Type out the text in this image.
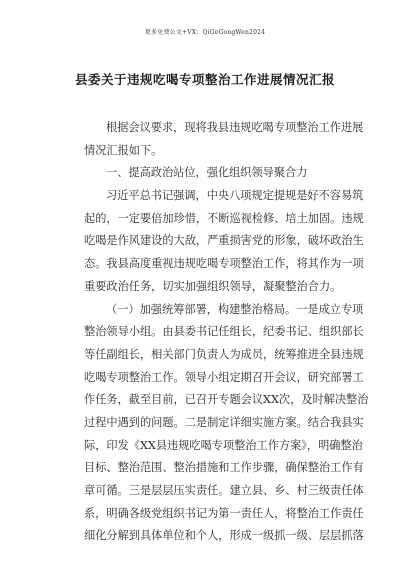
更多免费公文+VX：QiGeGongWen2024
县委关于违规吃喝专项整治工作进展情况汇报
根据会议要求，现将我县违规吃喝专项整治工作进展
情况汇报如下。
一、提高政治站位，强化组织领导聚合力
习近平总书记强调，中央八项规定提规是好不容易筑
起的，一定要倍加珍惜，不断巡视检修、培土加固。违规
吃喝是作风建设的大敌，严重损害党的形象，破坏政治生
态。我县高度重视违规吃喝专项整治工作，将其作为一项
重要政治任务，切实加强组织领导，凝聚整治合力。
（一）加强统筹部署，构建整治格局。一是成立专项
整治领导小组。由县委书记任组长，纪委书记、组织部长
等任副组长，相关部门负责人为成员，统筹推进全县违规
吃喝专项整治工作。领导小组定期召开会议，研究部署工
作任务，截至目前，已召开专题会议XX次，及时解决整治
过程中遇到的问题。二是制定详细实施方案。结合我县实
际，印发《XX县违规吃喝专项整治工作方案》，明确整治
目标、整治范围、整治措施和工作步骤，确保整治工作有
章可循。三是层层压实责任。建立县、乡、村三级责任体
系，明确各级党组织书记为第一责任人，将整治工作责任
细化分解到具体单位和个人，形成一级抓一级、层层抓落
